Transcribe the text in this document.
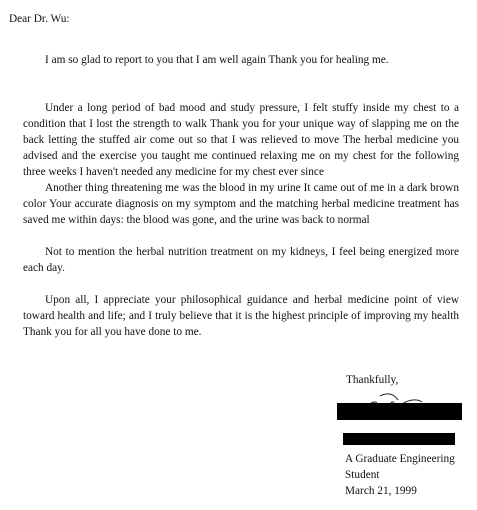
Dear Dr. Wu:

I am so glad to report to you that I am well again Thank you for healing me.

Under a long period of bad mood and study pressure, I felt stuffy inside my chest to a condition that I lost the strength to walk Thank you for your unique way of slapping me on the back letting the stuffed air come out so that I was relieved to move The herbal medicine you advised and the exercise you taught me continued relaxing me on my chest for the following three weeks I haven't needed any medicine for my chest ever since

Another thing threatening me was the blood in my urine It came out of me in a dark brown color Your accurate diagnosis on my symptom and the matching herbal medicine treatment has saved me within days: the blood was gone, and the urine was back to normal

Not to mention the herbal nutrition treatment on my kidneys, I feel being energized more each day.

Upon all, I appreciate your philosophical guidance and herbal medicine point of view toward health and life; and I truly believe that it is the highest principle of improving my health Thank you for all you have done to me.

Thankfully,
A Graduate Engineering
Student
March 21, 1999
